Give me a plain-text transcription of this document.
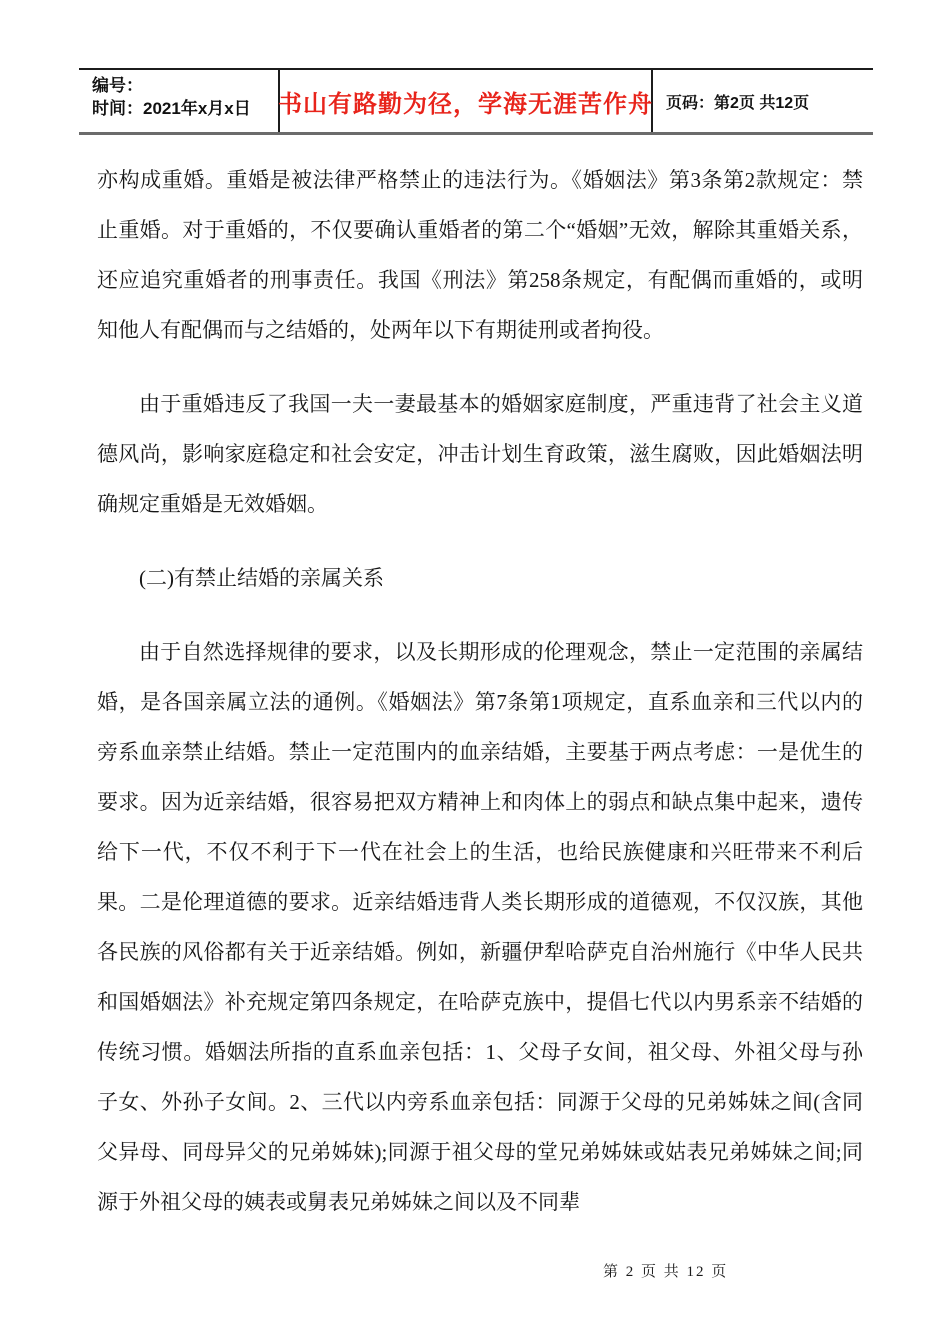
编号：
时间：2021年x月x日	书山有路勤为径，学海无涯苦作舟 页码：第2页 共12页

亦构成重婚。重婚是被法律严格禁止的违法行为。《婚姻法》第3条第2款规定：禁止重婚。对于重婚的，不仅要确认重婚者的第二个“婚姻”无效，解除其重婚关系，还应追究重婚者的刑事责任。我国《刑法》第258条规定，有配偶而重婚的，或明知他人有配偶而与之结婚的，处两年以下有期徒刑或者拘役。

由于重婚违反了我国一夫一妻最基本的婚姻家庭制度，严重违背了社会主义道德风尚，影响家庭稳定和社会安定，冲击计划生育政策，滋生腐败，因此婚姻法明确规定重婚是无效婚姻。

(二)有禁止结婚的亲属关系

由于自然选择规律的要求，以及长期形成的伦理观念，禁止一定范围的亲属结婚，是各国亲属立法的通例。《婚姻法》第7条第1项规定，直系血亲和三代以内的旁系血亲禁止结婚。禁止一定范围内的血亲结婚，主要基于两点考虑：一是优生的要求。因为近亲结婚，很容易把双方精神上和肉体上的弱点和缺点集中起来，遗传给下一代，不仅不利于下一代在社会上的生活，也给民族健康和兴旺带来不利后果。二是伦理道德的要求。近亲结婚违背人类长期形成的道德观，不仅汉族，其他各民族的风俗都有关于近亲结婚。例如，新疆伊犁哈萨克自治州施行《中华人民共和国婚姻法》补充规定第四条规定，在哈萨克族中，提倡七代以内男系亲不结婚的传统习惯。婚姻法所指的直系血亲包括：1、父母子女间，祖父母、外祖父母与孙子女、外孙子女间。2、三代以内旁系血亲包括：同源于父母的兄弟姊妹之间(含同父异母、同母异父的兄弟姊妹);同源于祖父母的堂兄弟姊妹或姑表兄弟姊妹之间;同源于外祖父母的姨表或舅表兄弟姊妹之间以及不同辈

第 2 页 共 12 页
